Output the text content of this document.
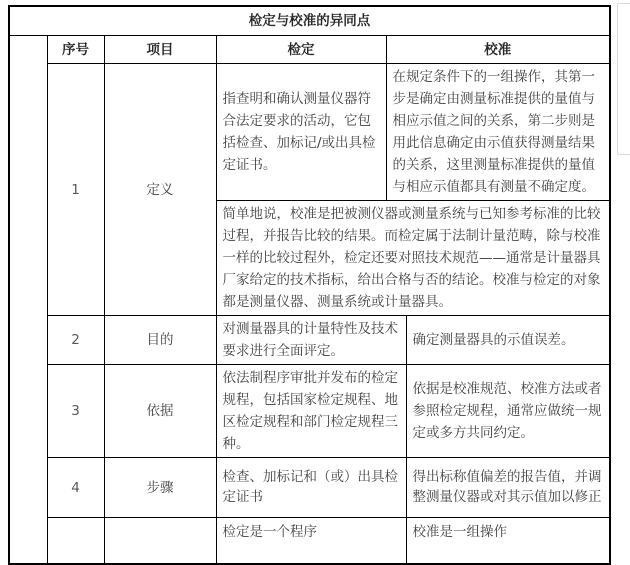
检定与校准的异同点					
	序号	项目	检定	校准	
	1	定义	指查明和确认测量仪器符合法定要求的活动，它包括检查、加标记/或出具检定证书。	在规定条件下的一组操作，其第一步是确定由测量标准提供的量值与相应示值之间的关系，第二步则是用此信息确定由示值获得测量结果的关系，这里测量标准提供的量值与相应示值都具有测量不确定度。	
			简单地说，校准是把被测仪器或测量系统与已知参考标准的比较过程，并报告比较的结果。而检定属于法制计量范畴，除与校准一样的比较过程外，检定还要对照技术规范——通常是计量器具厂家给定的技术指标，给出合格与否的结论。校准与检定的对象都是测量仪器、测量系统或计量器具。		
	2	目的	对测量器具的计量特性及技术要求进行全面评定。		确定测量器具的示值误差。
	3	依据	依法制程序审批并发布的检定规程，包括国家检定规程、地区检定规程和部门检定规程三种。		依据是校准规范、校准方法或者参照检定规程，通常应做统一规定或多方共同约定。
	4	步骤	检查、加标记和（或）出具检定证书		得出标称值偏差的报告值，并调整测量仪器或对其示值加以修正
			检定是一个程序		校准是一组操作
